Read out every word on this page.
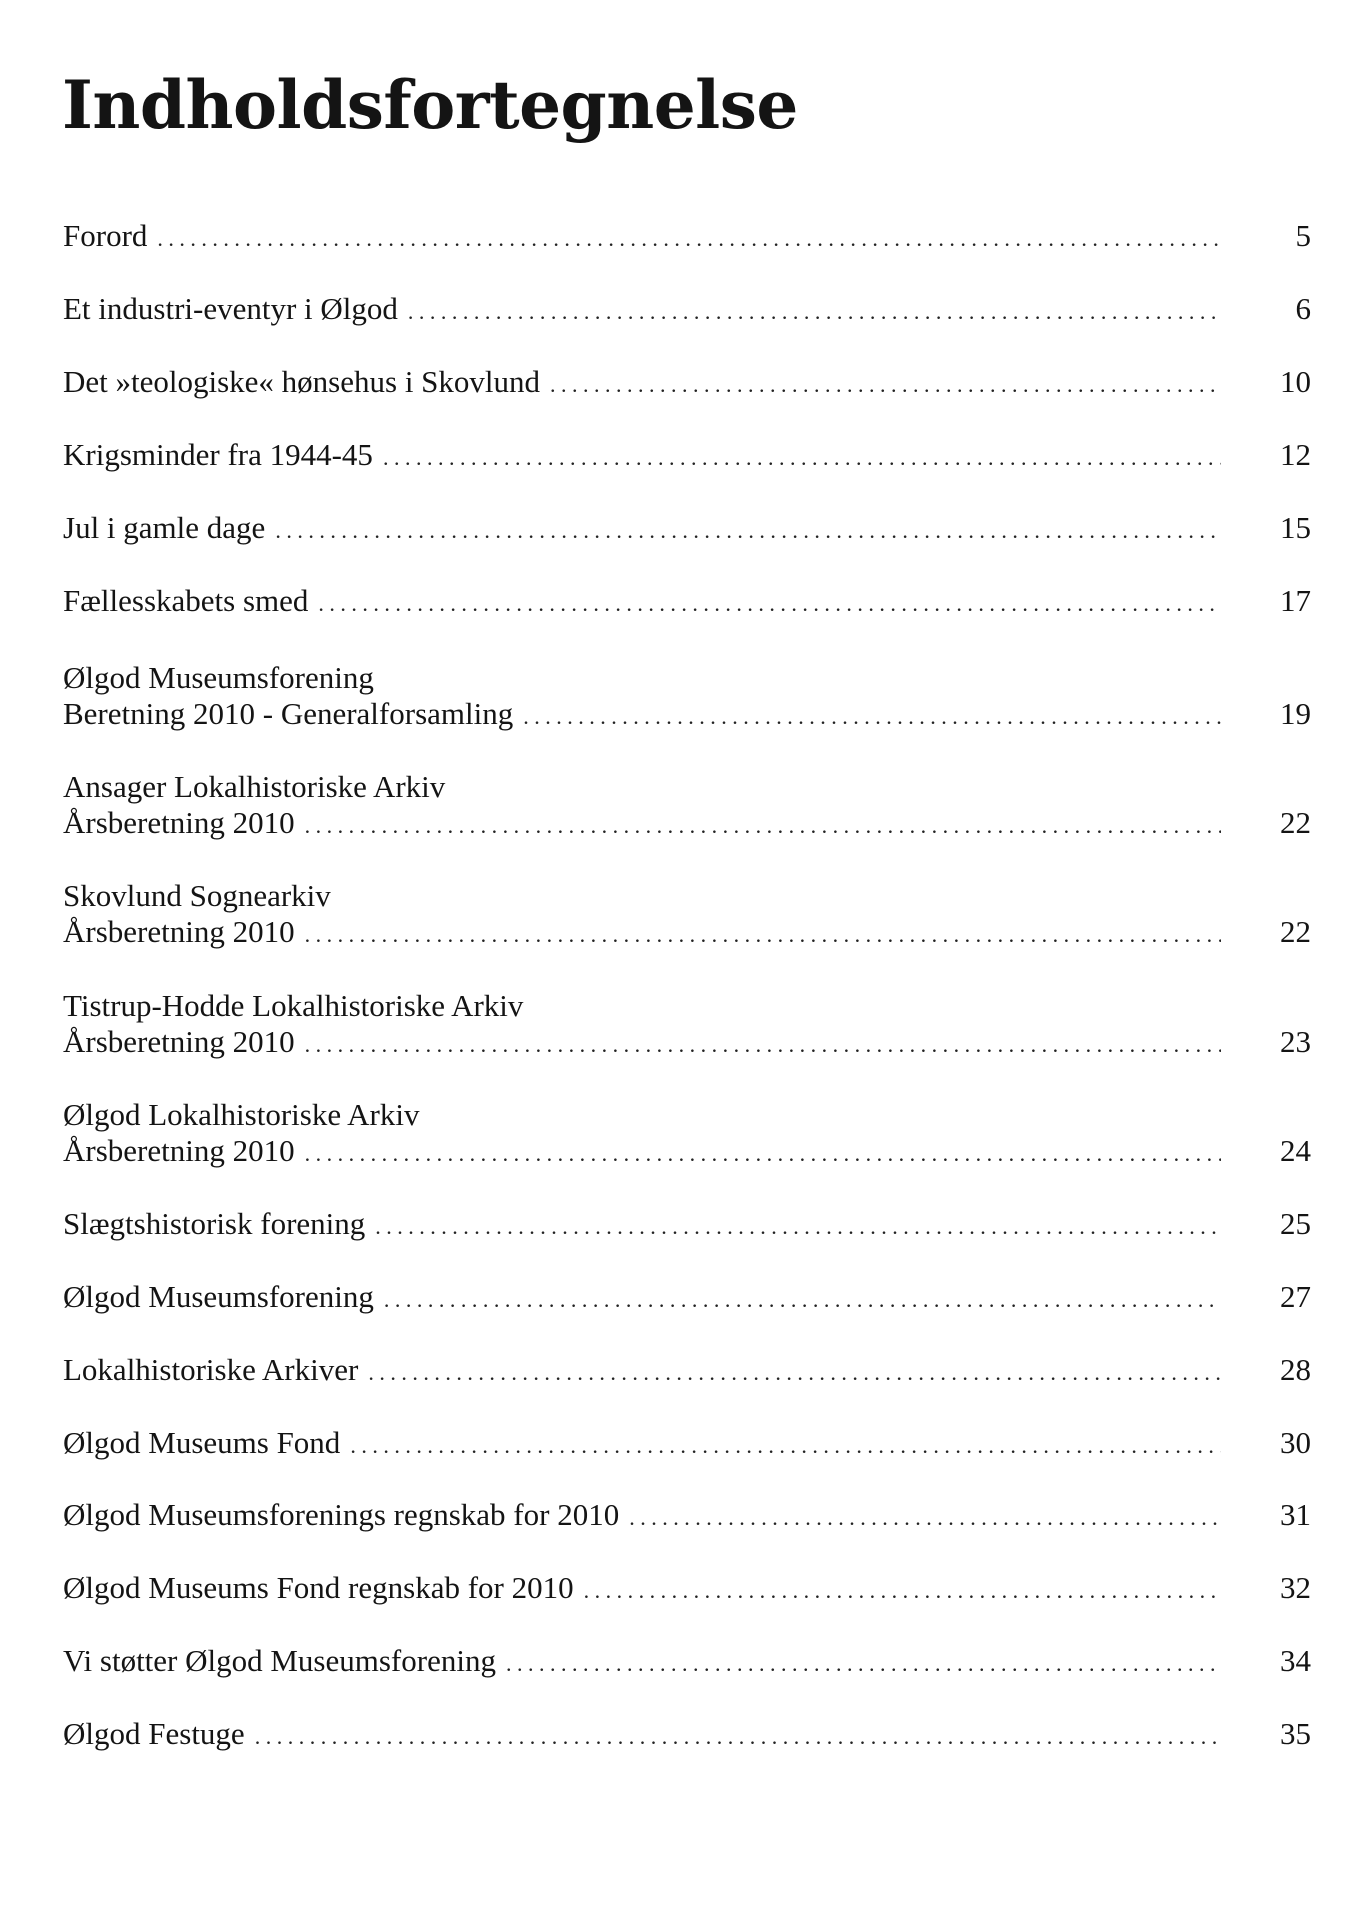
Indholdsfortegnelse
Forord . . .	5
Et industri-eventyr i Ølgod . . .	6
Det »teologiske« hønsehus i Skovlund . . .	10
Krigsminder fra 1944-45 . . .	12
Jul i gamle dage . . .	15
Fællesskabets smed . . .	17
Ølgod Museumsforening
Beretning 2010 - Generalforsamling . . .	19
Ansager Lokalhistoriske Arkiv
Årsberetning 2010 . . .	22
Skovlund Sognearkiv
Årsberetning 2010 . . .	22
Tistrup-Hodde Lokalhistoriske Arkiv
Årsberetning 2010 . . .	23
Ølgod Lokalhistoriske Arkiv
Årsberetning 2010 . . .	24
Slægtshistorisk forening . . .	25
Ølgod Museumsforening . . .	27
Lokalhistoriske Arkiver . . .	28
Ølgod Museums Fond . . .	30
Ølgod Museumsforenings regnskab for 2010 . . .	31
Ølgod Museums Fond regnskab for 2010 . . .	32
Vi støtter Ølgod Museumsforening . . .	34
Ølgod Festuge . . .	35
